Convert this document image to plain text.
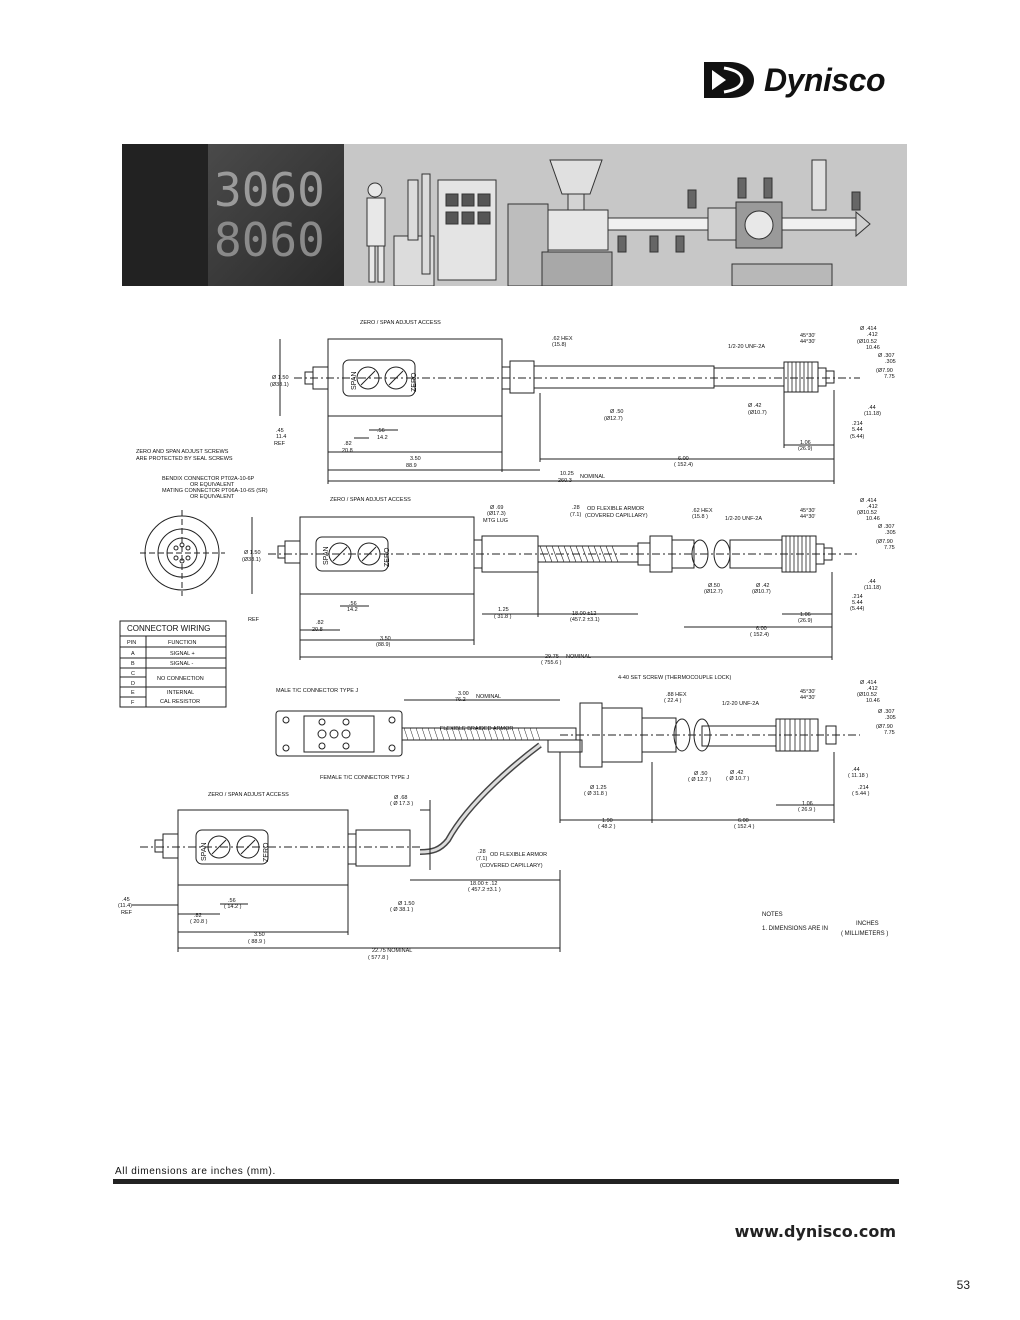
Dynisco
3060
8060
ZERO / SPAN ADJUST ACCESS
.62 HEX
(15.8)	1/2-20 UNF-2A
45°30'
44°30'
Ø .414
.412
(Ø10.52
10.46
Ø .307
.305
(Ø7.90
7.75
Ø 1.50
(Ø38.1)	SPAN	ZERO
.45
11.4
REF	.82
20.8
.56
14.2
Ø .50
(Ø12.7)
Ø .42
(Ø10.7)
.44
(11.18)
.214
5.44
(5.44)
1.06
(26.9)
3.50
88.9
6.00
( 152.4)
10.25
260.3
NOMINAL
ZERO AND SPAN ADJUST SCREWS
ARE PROTECTED BY SEAL SCREWS
BENDIX CONNECTOR PT02A-10-6P
OR EQUIVALENT
MATING CONNECTOR PT06A-10-6S (SR)
OR EQUIVALENT	ZERO / SPAN ADJUST ACCESS
Ø .69
(Ø17.3)
MTG LUG
.28
(7.1)
OD FLEXIBLE ARMOR
(COVERED CAPILLARY)
.62 HEX
(15.8 )	1/2-20 UNF-2A
45°30'
44°30'
Ø .414
.412
(Ø10.52
10.46
Ø .307
.305
(Ø7.90
7.75
Ø 1.50
(Ø38.1)	SPAN	ZERO
.56
14.2
REF	.82
20.8
3.50
(88.9)
1.25
( 31.8 )	18.00 ±12
(457.2 ±3.1)
Ø.50
(Ø12.7)
Ø .42
(Ø10.7)
.44
(11.18)
.214
5.44
(5.44)
1.06
(26.9)
6.00
( 152.4)
29.75
( 755.6 )
NOMINAL
CONNECTOR WIRING
PIN	FUNCTION
A	SIGNAL +
B	SIGNAL -
C
NO CONNECTION
D
E	INTERNAL
F	CAL RESISTOR
4-40 SET SCREW (THERMOCOUPLE LOCK)
MALE T/C CONNECTOR TYPE J	3.00
76.2 NOMINAL
FLEXIBLE BRAIDED ARMOR
FEMALE T/C CONNECTOR TYPE J
.88 HEX
( 22.4 )	1/2-20 UNF-2A
45°30'
44°30'
Ø .414
.412
(Ø10.52
10.46
Ø .307
.305
(Ø7.90
7.75
Ø 1.25
( Ø 31.8 )
Ø .50
( Ø 12.7 )
Ø .42
( Ø 10.7 )
.44
( 11.18 )
.214
( 5.44 )
1.06
( 26.9 )
1.90
( 48.2 )
6.00
( 152.4 )
ZERO / SPAN ADJUST ACCESS	Ø .68
( Ø 17.3 )
.28
(7.1)
OD FLEXIBLE ARMOR
(COVERED CAPILLARY)
18.00 ± .12
( 457.2 ±3.1 )
SPAN	ZERO
Ø 1.50
( Ø 38.1 )
.45
(11.4)
REF
.56
( 14.2 )
.82
( 20.8 )
3.50
( 88.9 )
22.75 NOMINAL
( 577.8 )
NOTES
1. DIMENSIONS ARE IN
INCHES
( MILLIMETERS )
All dimensions are inches (mm).
www.dynisco.com
53
